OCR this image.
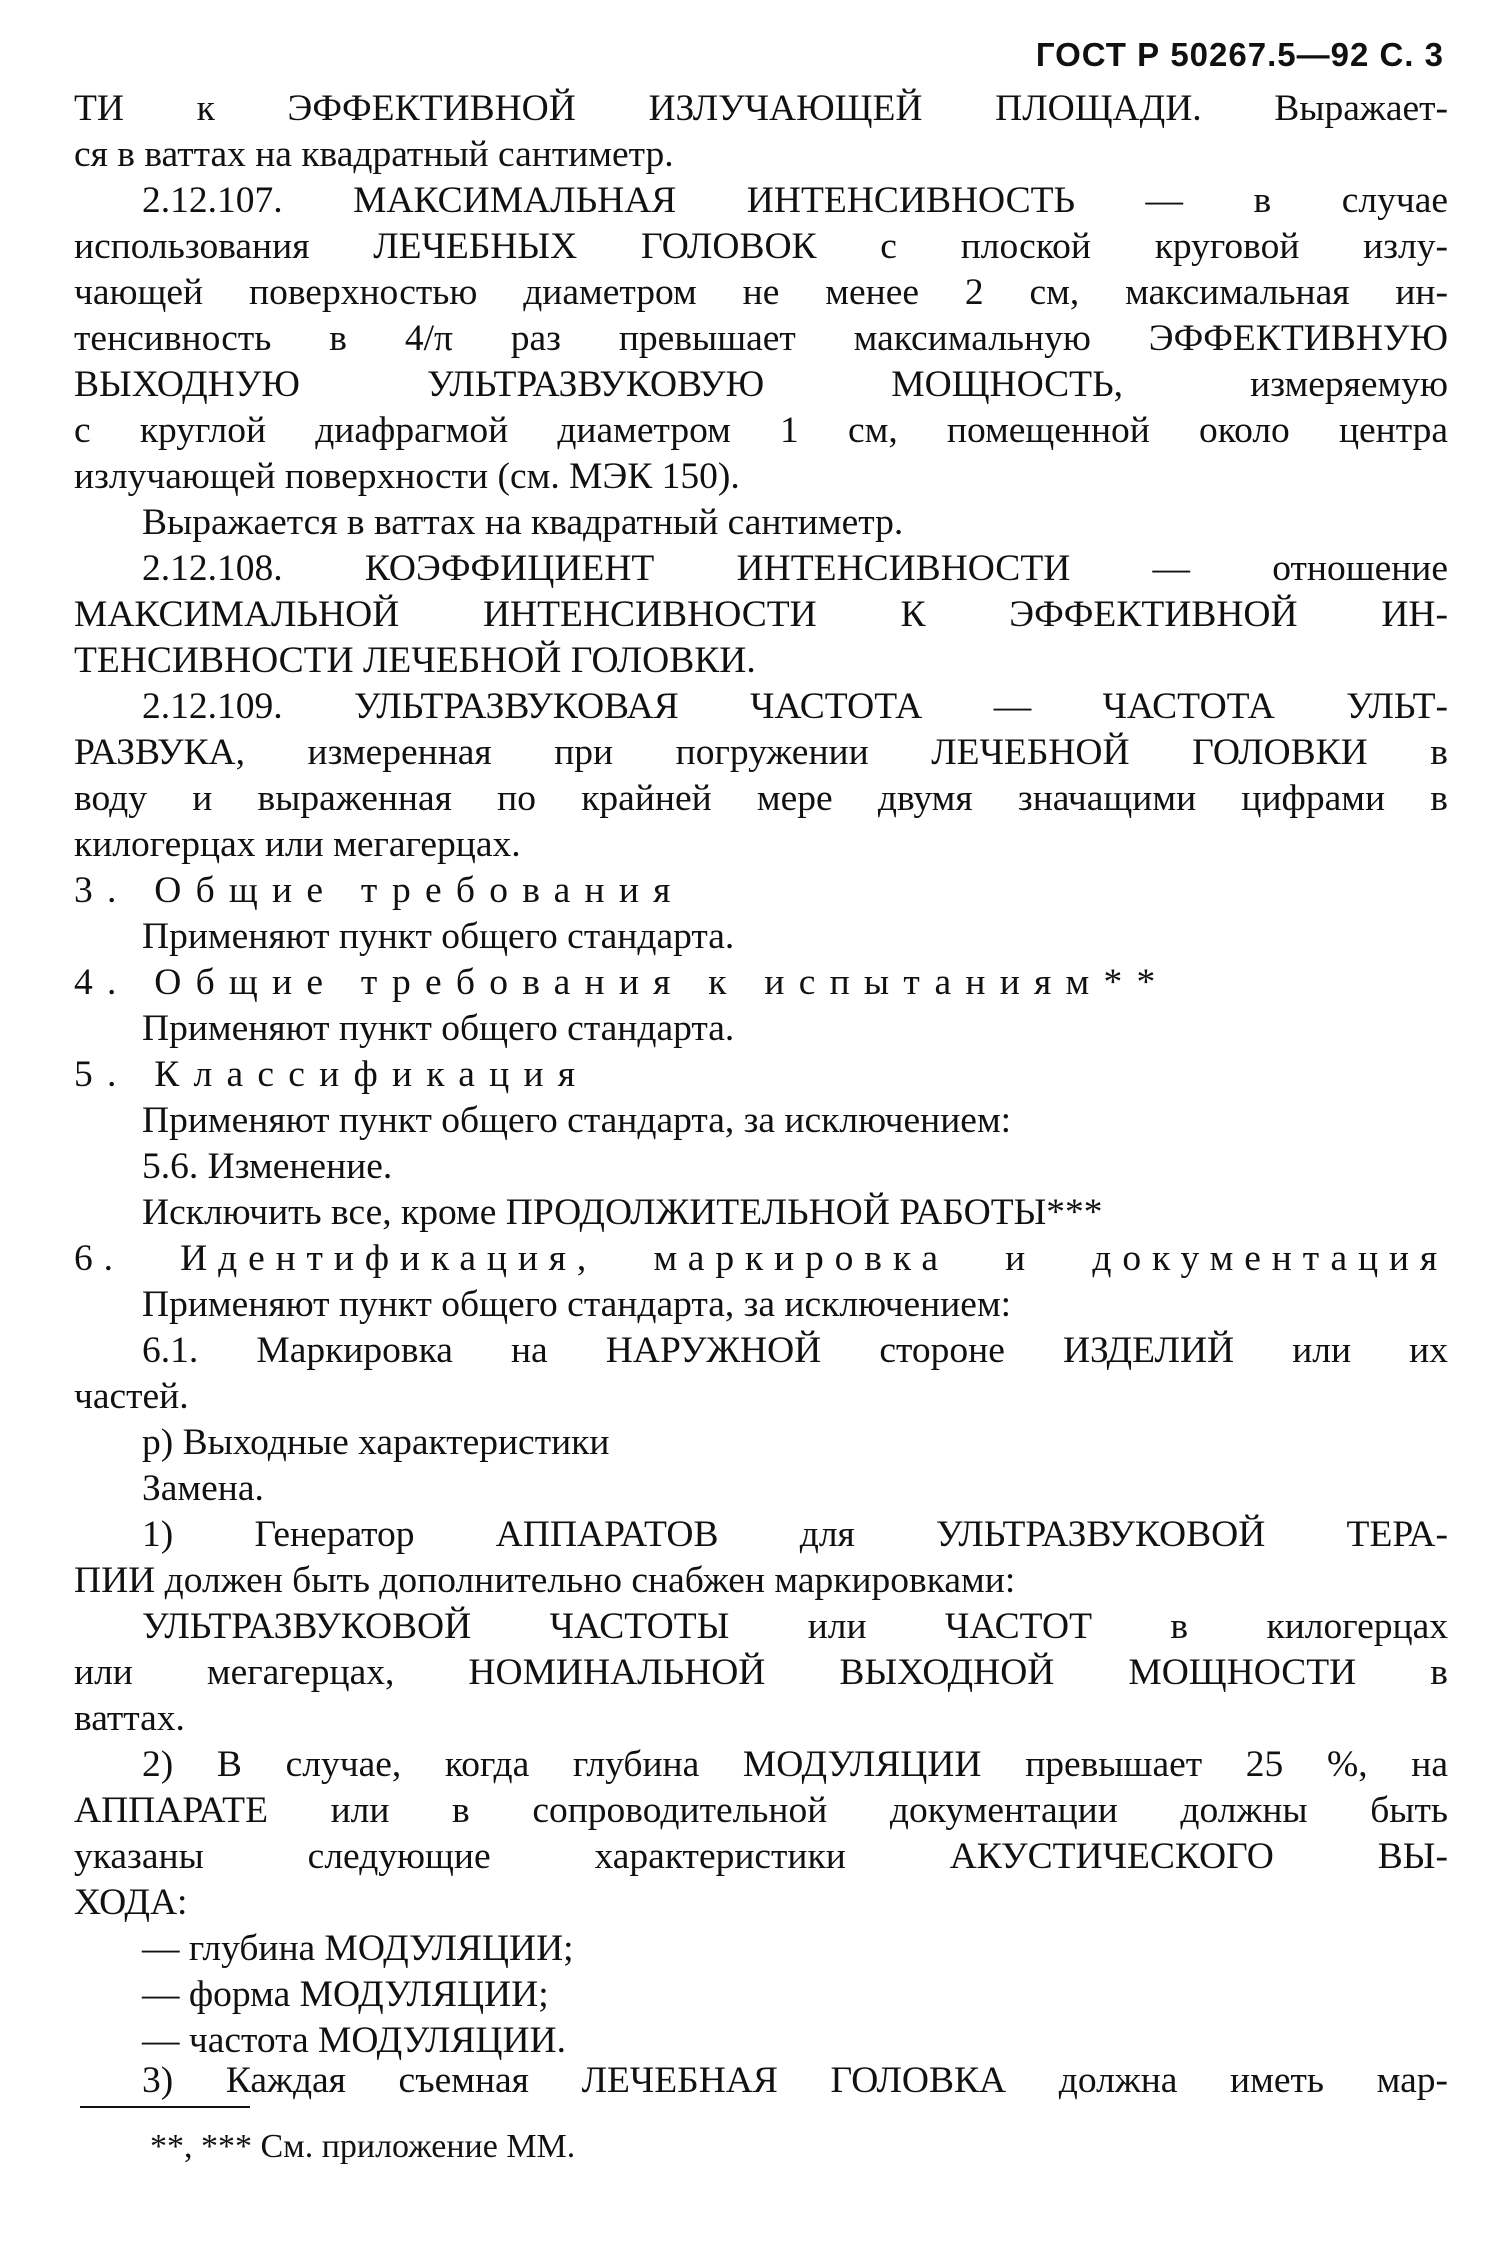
ГОСТ Р 50267.5—92 С. 3
ТИ к ЭФФЕКТИВНОЙ ИЗЛУЧАЮЩЕЙ ПЛОЩАДИ. Выражает-
ся в ваттах на квадратный сантиметр.
2.12.107. МАКСИМАЛЬНАЯ ИНТЕНСИВНОСТЬ — в случае
использования ЛЕЧЕБНЫХ ГОЛОВОК с плоской круговой излу-
чающей поверхностью диаметром не менее 2 см, максимальная ин-
тенсивность в 4/π раз превышает максимальную ЭФФЕКТИВНУЮ
ВЫХОДНУЮ УЛЬТРАЗВУКОВУЮ МОЩНОСТЬ, измеряемую
с круглой диафрагмой диаметром 1 см, помещенной около центра
излучающей поверхности (см. МЭК 150).
Выражается в ваттах на квадратный сантиметр.
2.12.108. КОЭФФИЦИЕНТ ИНТЕНСИВНОСТИ — отношение
МАКСИМАЛЬНОЙ ИНТЕНСИВНОСТИ К ЭФФЕКТИВНОЙ ИН-
ТЕНСИВНОСТИ ЛЕЧЕБНОЙ ГОЛОВКИ.
2.12.109. УЛЬТРАЗВУКОВАЯ ЧАСТОТА — ЧАСТОТА УЛЬТ-
РАЗВУКА, измеренная при погружении ЛЕЧЕБНОЙ ГОЛОВКИ в
воду и выраженная по крайней мере двумя значащими цифрами в
килогерцах или мегагерцах.
3. Общие требования
Применяют пункт общего стандарта.
4. Общие требования к испытаниям**
Применяют пункт общего стандарта.
5. Классификация
Применяют пункт общего стандарта, за исключением:
5.6. Изменение.
Исключить все, кроме ПРОДОЛЖИТЕЛЬНОЙ РАБОТЫ***
6. Идентификация, маркировка и документация
Применяют пункт общего стандарта, за исключением:
6.1. Маркировка на НАРУЖНОЙ стороне ИЗДЕЛИЙ или их
частей.
р) Выходные характеристики
Замена.
1) Генератор АППАРАТОВ для УЛЬТРАЗВУКОВОЙ ТЕРА-
ПИИ должен быть дополнительно снабжен маркировками:
УЛЬТРАЗВУКОВОЙ ЧАСТОТЫ или ЧАСТОТ в килогерцах
или мегагерцах, НОМИНАЛЬНОЙ ВЫХОДНОЙ МОЩНОСТИ в
ваттах.
2) В случае, когда глубина МОДУЛЯЦИИ превышает 25 %, на
АППАРАТЕ или в сопроводительной документации должны быть
указаны следующие характеристики АКУСТИЧЕСКОГО ВЫ-
ХОДА:
— глубина МОДУЛЯЦИИ;
— форма МОДУЛЯЦИИ;
— частота МОДУЛЯЦИИ.
3) Каждая съемная ЛЕЧЕБНАЯ ГОЛОВКА должна иметь мар-
**, *** См. приложение ММ.
